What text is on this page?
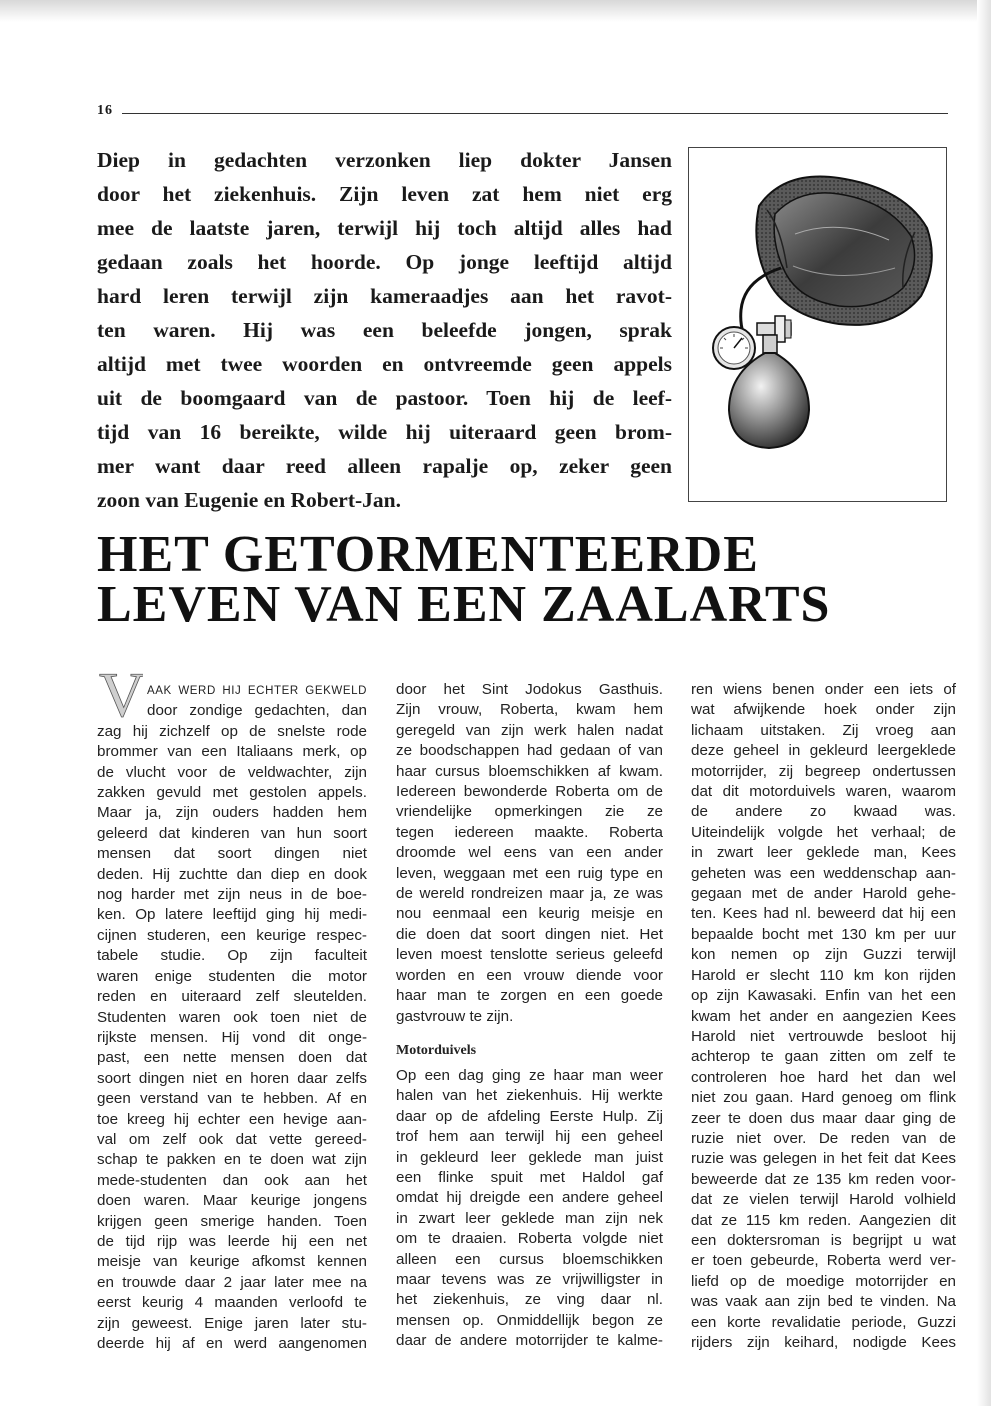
16

Diep in gedachten verzonken liep dokter Jansen
door het ziekenhuis. Zijn leven zat hem niet erg
mee de laatste jaren, terwijl hij toch altijd alles had
gedaan zoals het hoorde. Op jonge leeftijd altijd
hard leren terwijl zijn kameraadjes aan het ravot-
ten waren. Hij was een beleefde jongen, sprak
altijd met twee woorden en ontvreemde geen appels
uit de boomgaard van de pastoor. Toen hij de leef-
tijd van 16 bereikte, wilde hij uiteraard geen brom-
mer want daar reed alleen rapalje op, zeker geen
zoon van Eugenie en Robert-Jan.

HET GETORMENTEERDE
LEVEN VAN EEN ZAALARTS
V AAK WERD HIJ ECHTER GEKWELD
door zondige gedachten, dan
zag hij zichzelf op de snelste rode
brommer van een Italiaans merk, op
de vlucht voor de veldwachter, zijn
zakken gevuld met gestolen appels.
Maar ja, zijn ouders hadden hem
geleerd dat kinderen van hun soort
mensen dat soort dingen niet
deden. Hij zuchtte dan diep en dook
nog harder met zijn neus in de boe-
ken. Op latere leeftijd ging hij medi-
cijnen studeren, een keurige respec-
tabele studie. Op zijn faculteit
waren enige studenten die motor
reden en uiteraard zelf sleutelden.
Studenten waren ook toen niet de
rijkste mensen. Hij vond dit onge-
past, een nette mensen doen dat
soort dingen niet en horen daar zelfs
geen verstand van te hebben. Af en
toe kreeg hij echter een hevige aan-
val om zelf ook dat vette gereed-
schap te pakken en te doen wat zijn
mede-studenten dan ook aan het
doen waren. Maar keurige jongens
krijgen geen smerige handen. Toen
de tijd rijp was leerde hij een net
meisje van keurige afkomst kennen
en trouwde daar 2 jaar later mee na
eerst keurig 4 maanden verloofd te
zijn geweest. Enige jaren later stu-
deerde hij af en werd aangenomen
door het Sint Jodokus Gasthuis.
Zijn vrouw, Roberta, kwam hem
geregeld van zijn werk halen nadat
ze boodschappen had gedaan of van
haar cursus bloemschikken af kwam.
Iedereen bewonderde Roberta om de
vriendelijke opmerkingen zie ze
tegen iedereen maakte. Roberta
droomde wel eens van een ander
leven, weggaan met een ruig type en
de wereld rondreizen maar ja, ze was
nou eenmaal een keurig meisje en
die doen dat soort dingen niet. Het
leven moest tenslotte serieus geleefd
worden en een vrouw diende voor
haar man te zorgen en een goede
gastvrouw te zijn.
Motorduivels
Op een dag ging ze haar man weer
halen van het ziekenhuis. Hij werkte
daar op de afdeling Eerste Hulp. Zij
trof hem aan terwijl hij een geheel
in gekleurd leer geklede man juist
een flinke spuit met Haldol gaf
omdat hij dreigde een andere geheel
in zwart leer geklede man zijn nek
om te draaien. Roberta volgde niet
alleen een cursus bloemschikken
maar tevens was ze vrijwilligster in
het ziekenhuis, ze ving daar nl.
mensen op. Onmiddellijk begon ze
daar de andere motorrijder te kalme-
ren wiens benen onder een iets of
wat afwijkende hoek onder zijn
lichaam uitstaken. Zij vroeg aan
deze geheel in gekleurd leergeklede
motorrijder, zij begreep ondertussen
dat dit motorduivels waren, waarom
de andere zo kwaad was.
Uiteindelijk volgde het verhaal; de
in zwart leer geklede man, Kees
geheten was een weddenschap aan-
gegaan met de ander Harold gehe-
ten. Kees had nl. beweerd dat hij een
bepaalde bocht met 130 km per uur
kon nemen op zijn Guzzi terwijl
Harold er slecht 110 km kon rijden
op zijn Kawasaki. Enfin van het een
kwam het ander en aangezien Kees
Harold niet vertrouwde besloot hij
achterop te gaan zitten om zelf te
controleren hoe hard het dan wel
niet zou gaan. Hard genoeg om flink
zeer te doen dus maar daar ging de
ruzie niet over. De reden van de
ruzie was gelegen in het feit dat Kees
beweerde dat ze 135 km reden voor-
dat ze vielen terwijl Harold volhield
dat ze 115 km reden. Aangezien dit
een doktersroman is begrijpt u wat
er toen gebeurde, Roberta werd ver-
liefd op de moedige motorrijder en
was vaak aan zijn bed te vinden. Na
een korte revalidatie periode, Guzzi
rijders zijn keihard, nodigde Kees
